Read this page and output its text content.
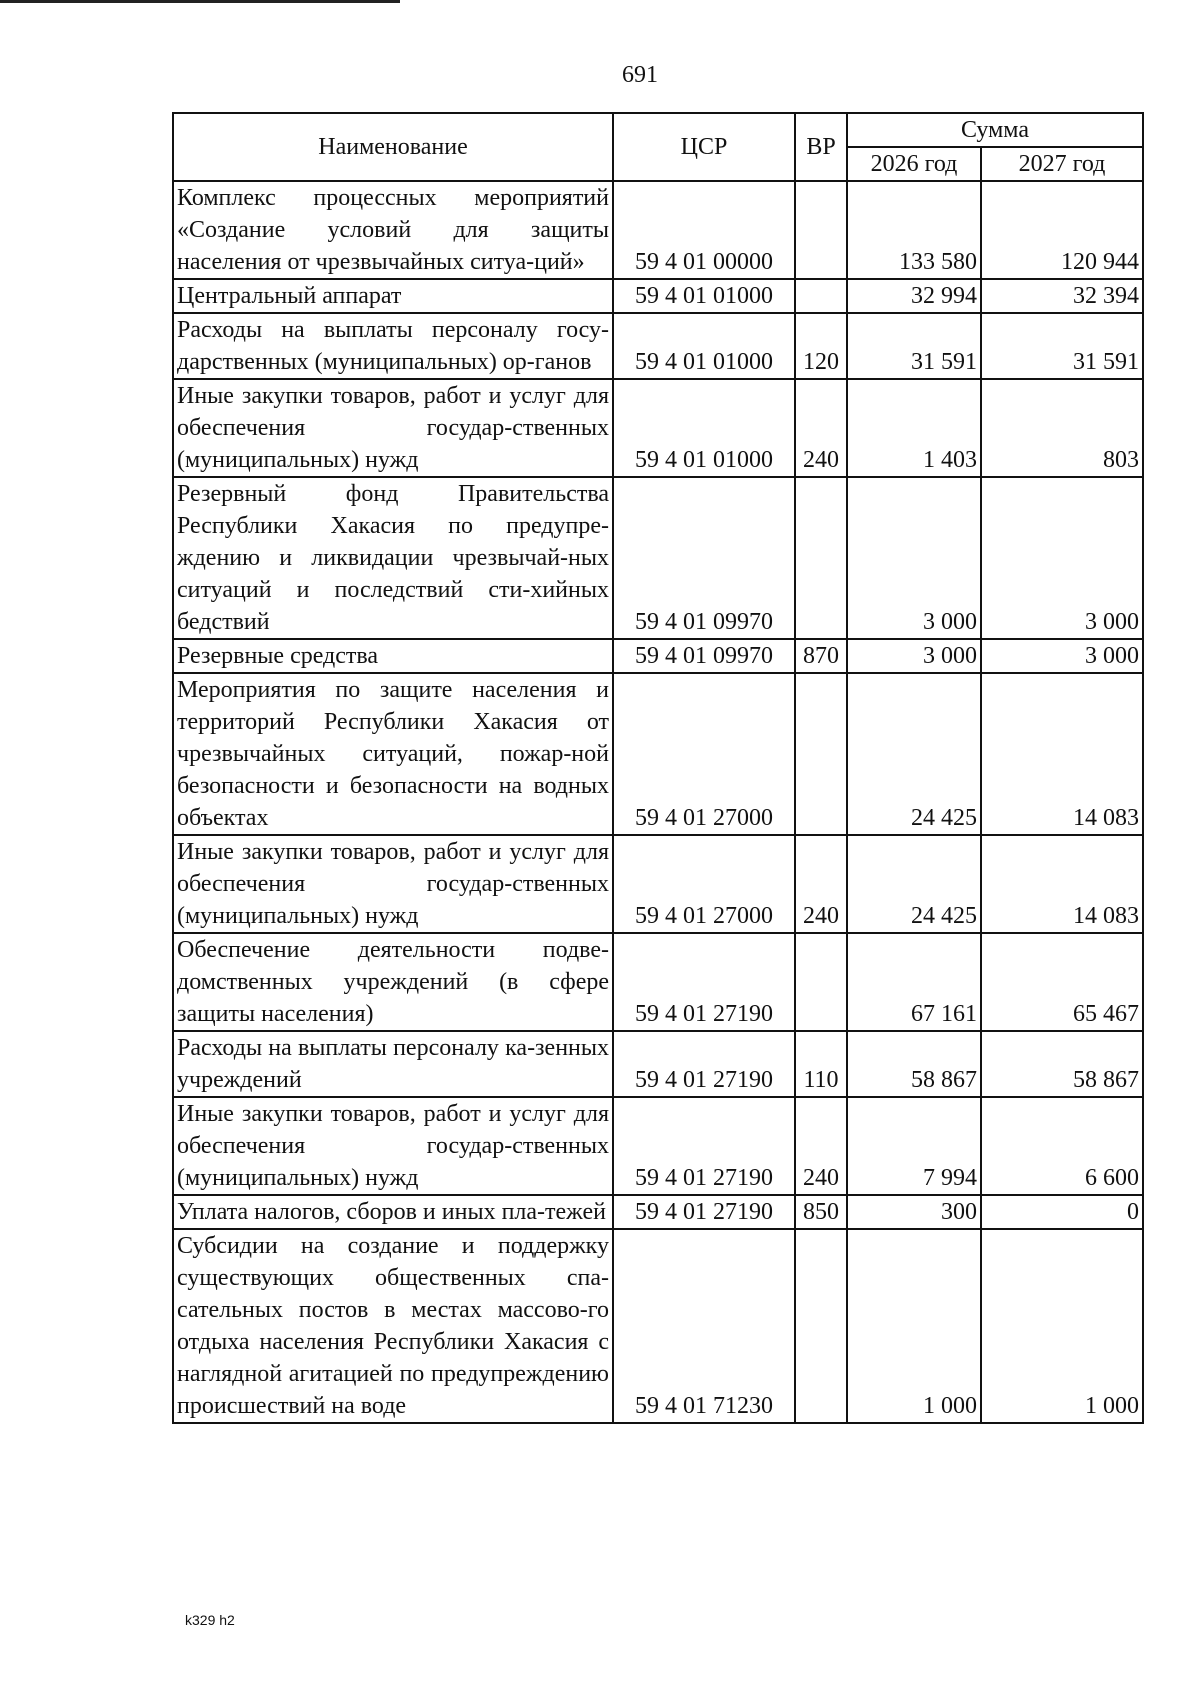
691
Наименование	ЦСР	ВР	Сумма	
			2026 год	2027 год
Комплекс процессных мероприятий «Создание условий для защиты населения от чрезвычайных ситуа-ций»	59 4 01 00000		133 580	120 944
Центральный аппарат	59 4 01 01000		32 994	32 394
Расходы на выплаты персоналу госу-дарственных (муниципальных) ор-ганов	59 4 01 01000	120	31 591	31 591
Иные закупки товаров, работ и услуг для обеспечения государ-ственных (муниципальных) нужд	59 4 01 01000	240	1 403	803
Резервный фонд Правительства Республики Хакасия по предупре-ждению и ликвидации чрезвычай-ных ситуаций и последствий сти-хийных бедствий	59 4 01 09970		3 000	3 000
Резервные средства	59 4 01 09970	870	3 000	3 000
Мероприятия по защите населения и территорий Республики Хакасия от чрезвычайных ситуаций, пожар-ной безопасности и безопасности на водных объектах	59 4 01 27000		24 425	14 083
Иные закупки товаров, работ и услуг для обеспечения государ-ственных (муниципальных) нужд	59 4 01 27000	240	24 425	14 083
Обеспечение деятельности подве-домственных учреждений (в сфере защиты населения)	59 4 01 27190		67 161	65 467
Расходы на выплаты персоналу ка-зенных учреждений	59 4 01 27190	110	58 867	58 867
Иные закупки товаров, работ и услуг для обеспечения государ-ственных (муниципальных) нужд	59 4 01 27190	240	7 994	6 600
Уплата налогов, сборов и иных пла-тежей	59 4 01 27190	850	300	0
Субсидии на создание и поддержку существующих общественных спа-сательных постов в местах массово-го отдыха населения Республики Хакасия с наглядной агитацией по предупреждению происшествий на воде	59 4 01 71230		1 000	1 000
k329 h2
